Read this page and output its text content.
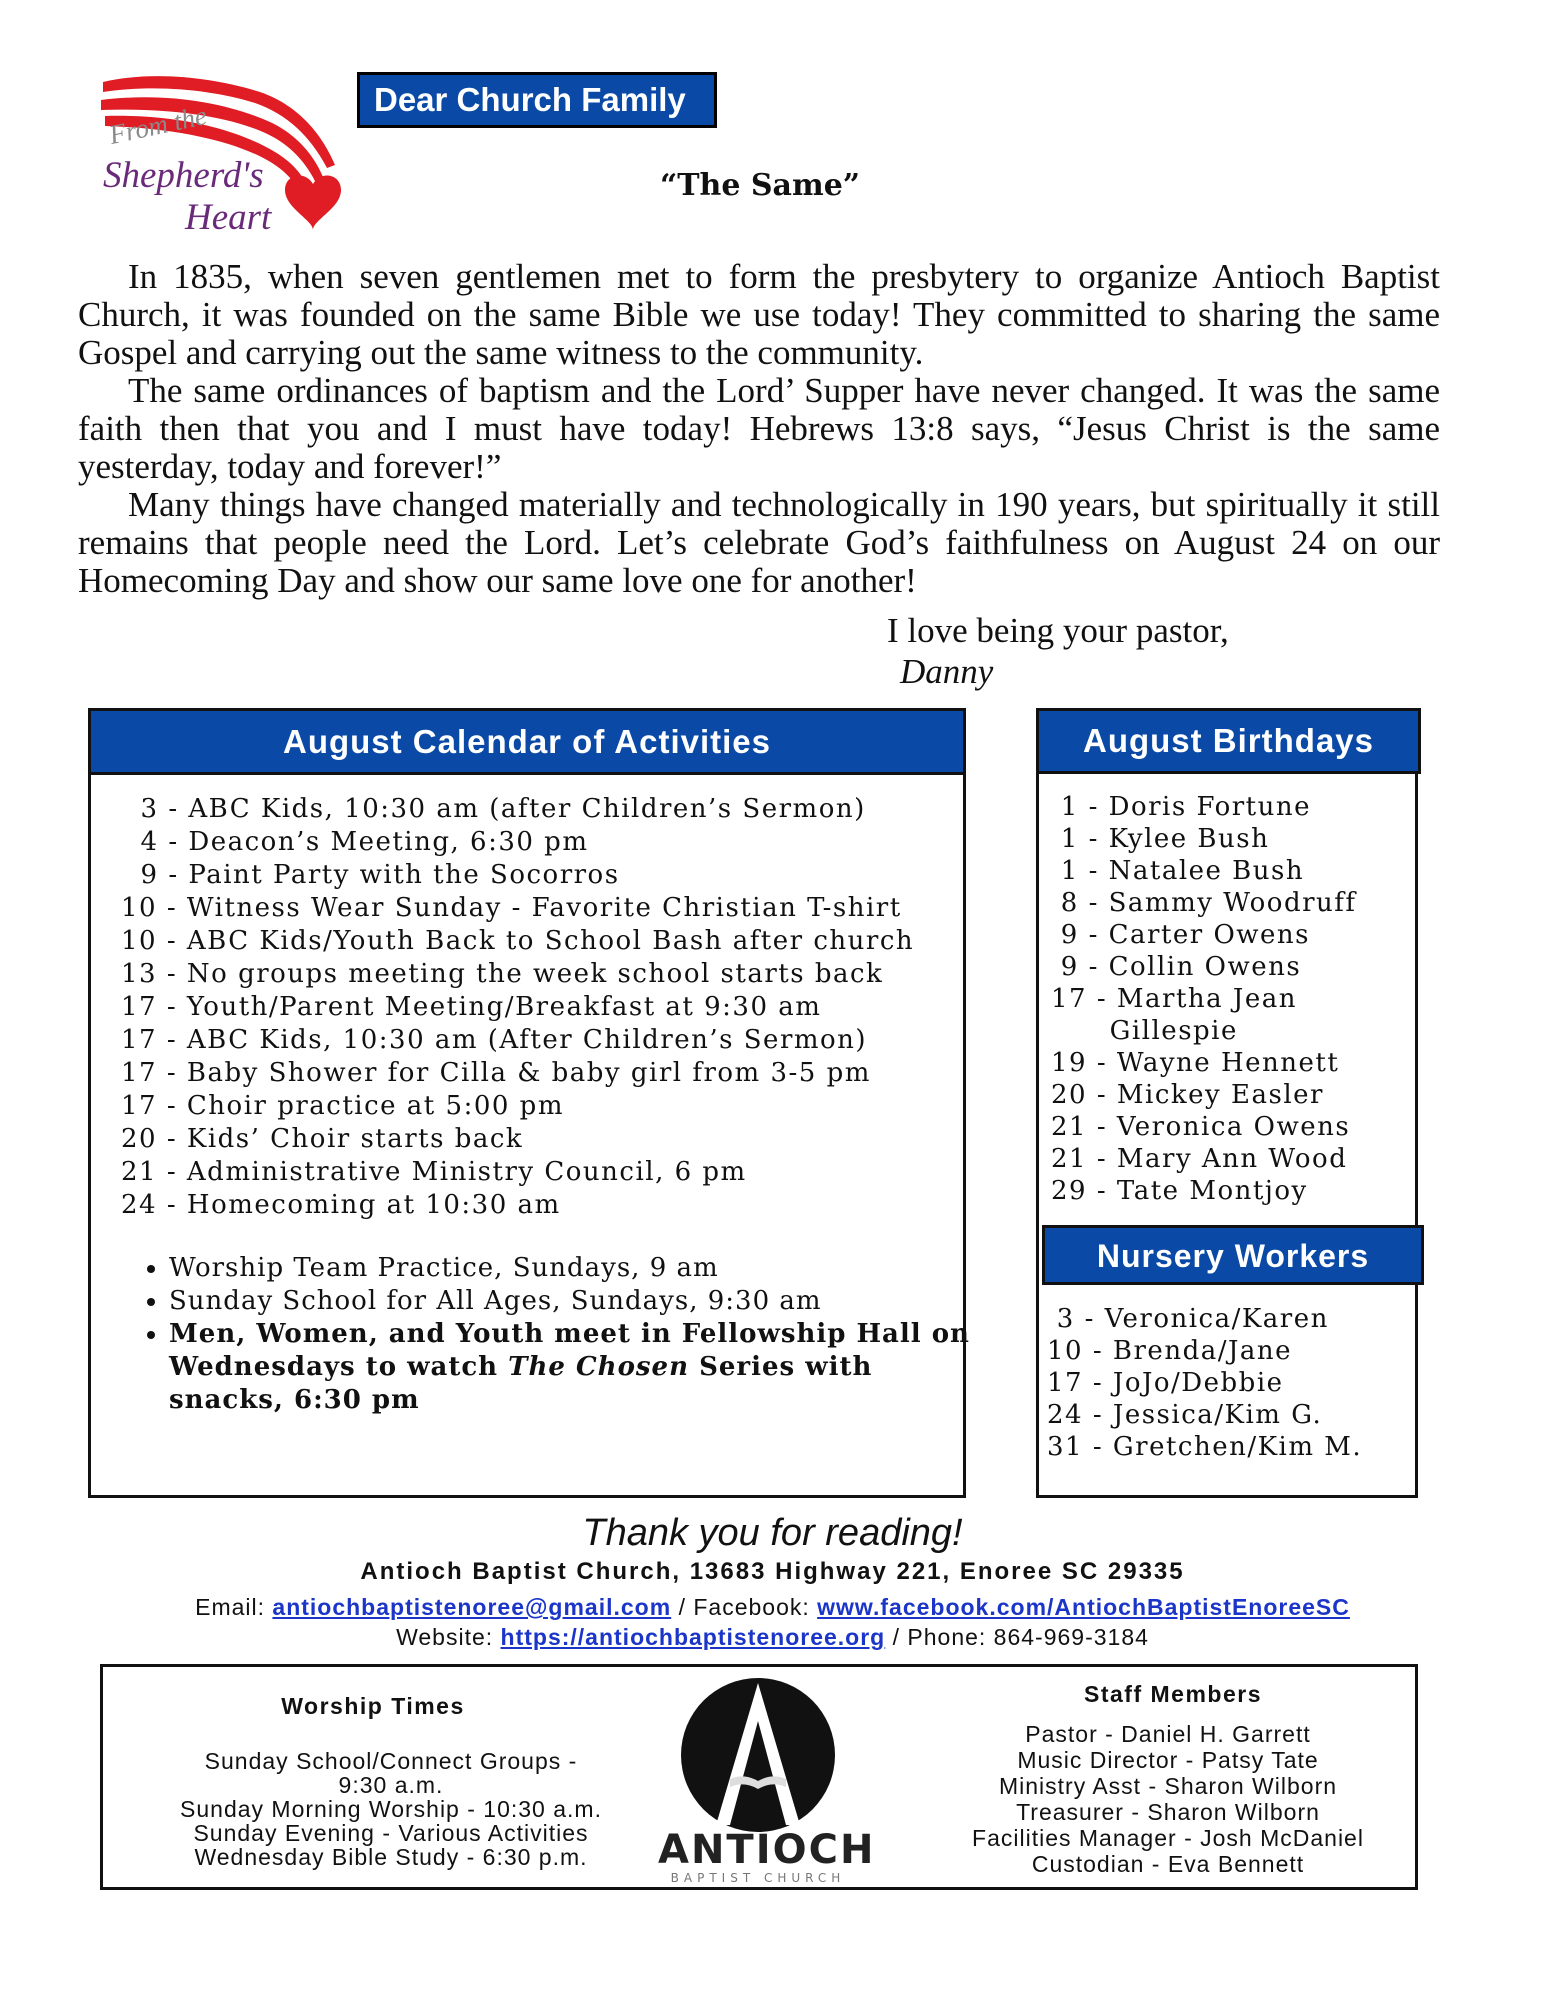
From the
Shepherd's
Heart
Dear Church Family
“The Same”

In 1835, when seven gentlemen met to form the presbytery to organize Antioch Baptist Church, it was founded on the same Bible we use today! They committed to sharing the same Gospel and carrying out the same witness to the community.

The same ordinances of baptism and the Lord’ Supper have never changed. It was the same faith then that you and I must have today! Hebrews 13:8 says, “Jesus Christ is the same yesterday, today and forever!”

Many things have changed materially and technologically in 190 years, but spiritually it still remains that people need the Lord. Let’s celebrate God’s faithfulness on August 24 on our Homecoming Day and show our same love one for another!

I love being your pastor,
Danny
August Calendar of Activities
3 - ABC Kids, 10:30 am (after Children’s Sermon)
4 - Deacon’s Meeting, 6:30 pm
9 - Paint Party with the Socorros
10 - Witness Wear Sunday - Favorite Christian T-shirt
10 - ABC Kids/Youth Back to School Bash after church
13 - No groups meeting the week school starts back
17 - Youth/Parent Meeting/Breakfast at 9:30 am
17 - ABC Kids, 10:30 am (After Children’s Sermon)
17 - Baby Shower for Cilla & baby girl from 3-5 pm
17 - Choir practice at 5:00 pm
20 - Kids’ Choir starts back
21 - Administrative Ministry Council, 6 pm
24 - Homecoming at 10:30 am
• Worship Team Practice, Sundays, 9 am
• Sunday School for All Ages, Sundays, 9:30 am
• Men, Women, and Youth meet in Fellowship Hall on Wednesdays to watch The Chosen Series with snacks, 6:30 pm
August Birthdays
1 - Doris Fortune
1 - Kylee Bush
1 - Natalee Bush
8 - Sammy Woodruff
9 - Carter Owens
9 - Collin Owens
17 - Martha Jean
Gillespie
19 - Wayne Hennett
20 - Mickey Easler
21 - Veronica Owens
21 - Mary Ann Wood
29 - Tate Montjoy
Nursery Workers
3 - Veronica/Karen
10 - Brenda/Jane
17 - JoJo/Debbie
24 - Jessica/Kim G.
31 - Gretchen/Kim M.
Thank you for reading!
Antioch Baptist Church, 13683 Highway 221, Enoree SC 29335
Email: antiochbaptistenoree@gmail.com / Facebook: www.facebook.com/AntiochBaptistEnoreeSC
Website: https://antiochbaptistenoree.org / Phone: 864-969-3184
Worship Times
Sunday School/Connect Groups -
9:30 a.m.
Sunday Morning Worship - 10:30 a.m.
Sunday Evening - Various Activities
Wednesday Bible Study - 6:30 p.m.	ANTIOCH
BAPTIST CHURCH
Staff Members
Pastor - Daniel H. Garrett
Music Director - Patsy Tate
Ministry Asst - Sharon Wilborn
Treasurer - Sharon Wilborn
Facilities Manager - Josh McDaniel
Custodian - Eva Bennett
